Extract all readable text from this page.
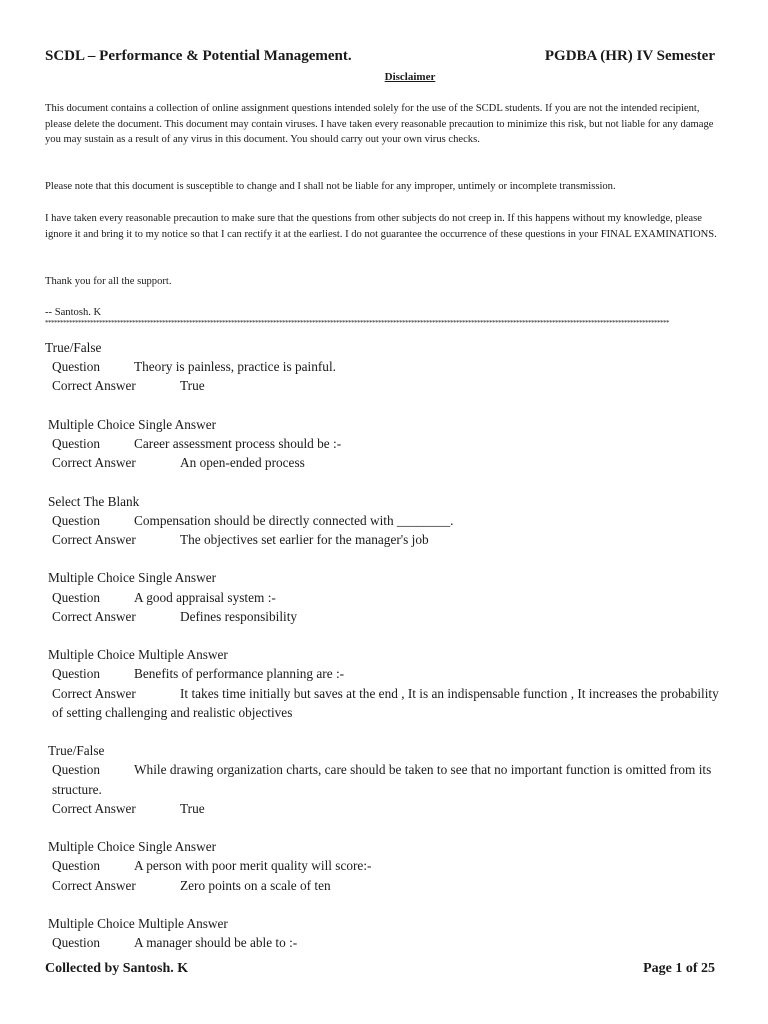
SCDL – Performance & Potential Management.	PGDBA (HR) IV Semester
Disclaimer
This document contains a collection of online assignment questions intended solely for the use of the SCDL students. If you are not the intended recipient, please delete the document. This document may contain viruses. I have taken every reasonable precaution to minimize this risk, but not liable for any damage you may sustain as a result of any virus in this document. You should carry out your own virus checks.
Please note that this document is susceptible to change and I shall not be liable for any improper, untimely or incomplete transmission.
I have taken every reasonable precaution to make sure that the questions from other subjects do not creep in. If this happens without my knowledge, please ignore it and bring it to my notice so that I can rectify it at the earliest. I do not guarantee the occurrence of these questions in your FINAL EXAMINATIONS.
Thank you for all the support.
-- Santosh. K
****************************************************************************************************************************************************************************************************************
True/False
Question	Theory is painless, practice is painful.
Correct Answer	True
Multiple Choice Single Answer
Question	Career assessment process should be :-
Correct Answer	An open-ended process
Select The Blank
Question	Compensation should be directly connected with ________.
Correct Answer	The objectives set earlier for the manager's job
Multiple Choice Single Answer
Question	A good appraisal system :-
Correct Answer	Defines responsibility
Multiple Choice Multiple Answer
Question	Benefits of performance planning are :-
Correct Answer	It takes time initially but saves at the end , It is an indispensable function , It increases the probability of setting challenging and realistic objectives
True/False
Question	While drawing organization charts, care should be taken to see that no important function is omitted from its structure.
Correct Answer	True
Multiple Choice Single Answer
Question	A person with poor merit quality will score:-
Correct Answer	Zero points on a scale of ten
Multiple Choice Multiple Answer
Question	A manager should be able to :-
Collected by Santosh. K	Page 1 of 25
